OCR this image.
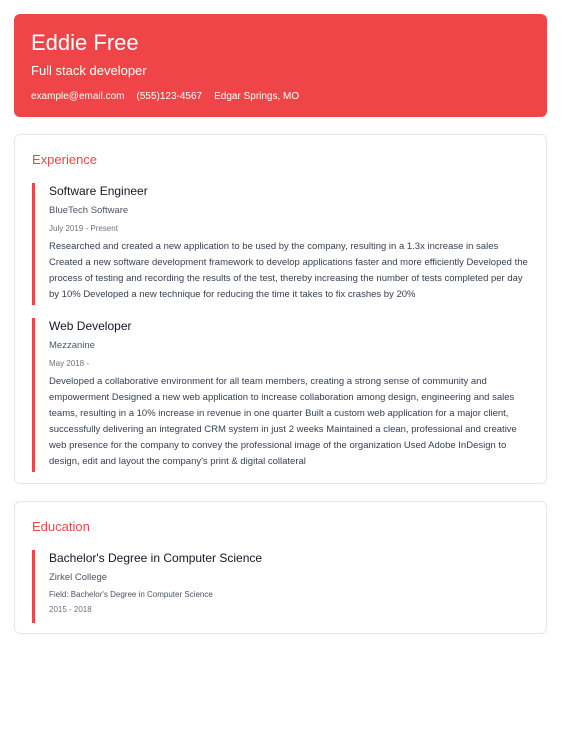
Eddie Free
Full stack developer
example@email.com (555)123-4567 Edgar Springs, MO
Experience
Software Engineer
BlueTech Software
July 2019 - Present
Researched and created a new application to be used by the company, resulting in a 1.3x increase in sales Created a new software development framework to develop applications faster and more efficiently Developed the process of testing and recording the results of the test, thereby increasing the number of tests completed per day by 10% Developed a new technique for reducing the time it takes to fix crashes by 20%
Web Developer
Mezzanine
May 2018 -
Developed a collaborative environment for all team members, creating a strong sense of community and empowerment Designed a new web application to increase collaboration among design, engineering and sales teams, resulting in a 10% increase in revenue in one quarter Built a custom web application for a major client, successfully delivering an integrated CRM system in just 2 weeks Maintained a clean, professional and creative web presence for the company to convey the professional image of the organization Used Adobe InDesign to design, edit and layout the company's print & digital collateral
Education
Bachelor's Degree in Computer Science
Zirkel College
Field: Bachelor's Degree in Computer Science
2015 - 2018
